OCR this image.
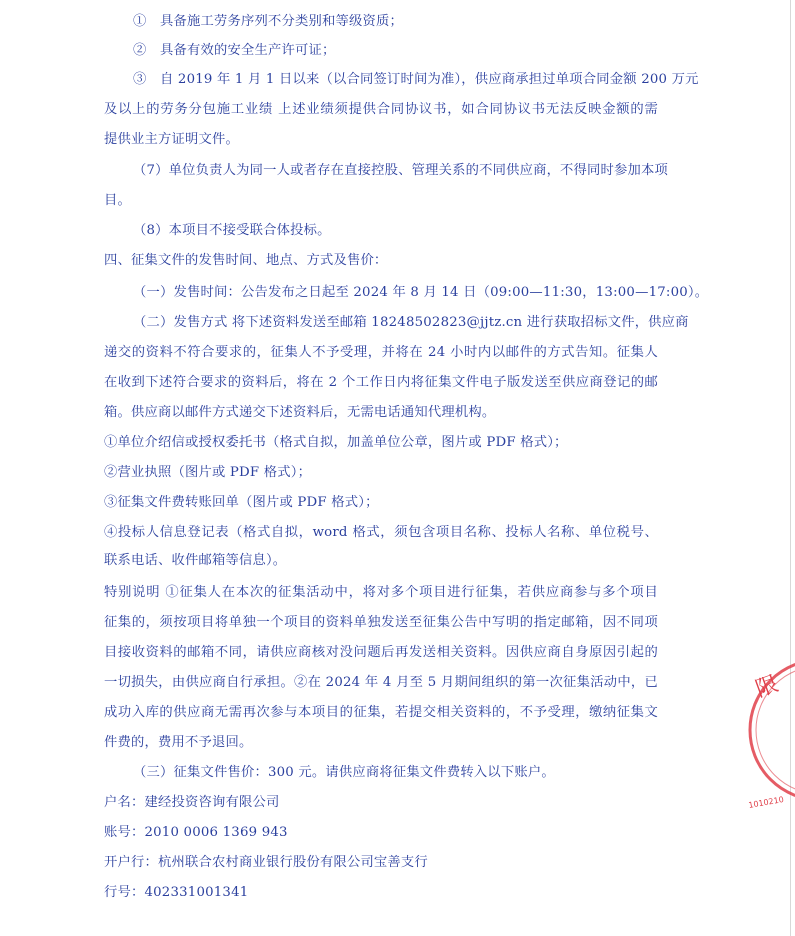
①　具备施工劳务序列不分类别和等级资质；
②　具备有效的安全生产许可证；
③　自 2019 年 1 月 1 日以来（以合同签订时间为准），供应商承担过单项合同金额 200 万元
及以上的劳务分包施工业绩 上述业绩须提供合同协议书，如合同协议书无法反映金额的需
提供业主方证明文件。
（7）单位负责人为同一人或者存在直接控股、管理关系的不同供应商，不得同时参加本项
目。
（8）本项目不接受联合体投标。
四、征集文件的发售时间、地点、方式及售价：
（一）发售时间：公告发布之日起至 2024 年 8 月 14 日（09:00—11:30，13:00—17:00）。
（二）发售方式 将下述资料发送至邮箱 18248502823@jjtz.cn 进行获取招标文件，供应商
递交的资料不符合要求的，征集人不予受理，并将在 24 小时内以邮件的方式告知。征集人
在收到下述符合要求的资料后，将在 2 个工作日内将征集文件电子版发送至供应商登记的邮
箱。供应商以邮件方式递交下述资料后，无需电话通知代理机构。
①单位介绍信或授权委托书（格式自拟，加盖单位公章，图片或 PDF 格式）；
②营业执照（图片或 PDF 格式）；
③征集文件费转账回单（图片或 PDF 格式）；
④投标人信息登记表（格式自拟，word 格式，须包含项目名称、投标人名称、单位税号、
联系电话、收件邮箱等信息）。
特别说明 ①征集人在本次的征集活动中，将对多个项目进行征集，若供应商参与多个项目
征集的，须按项目将单独一个项目的资料单独发送至征集公告中写明的指定邮箱，因不同项
目接收资料的邮箱不同，请供应商核对没问题后再发送相关资料。因供应商自身原因引起的
一切损失，由供应商自行承担。②在 2024 年 4 月至 5 月期间组织的第一次征集活动中，已
成功入库的供应商无需再次参与本项目的征集，若提交相关资料的，不予受理，缴纳征集文
件费的，费用不予退回。
（三）征集文件售价：300 元。请供应商将征集文件费转入以下账户。
户名：建经投资咨询有限公司
账号：2010 0006 1369 943
开户行：杭州联合农村商业银行股份有限公司宝善支行
行号：402331001341
限
1010210
